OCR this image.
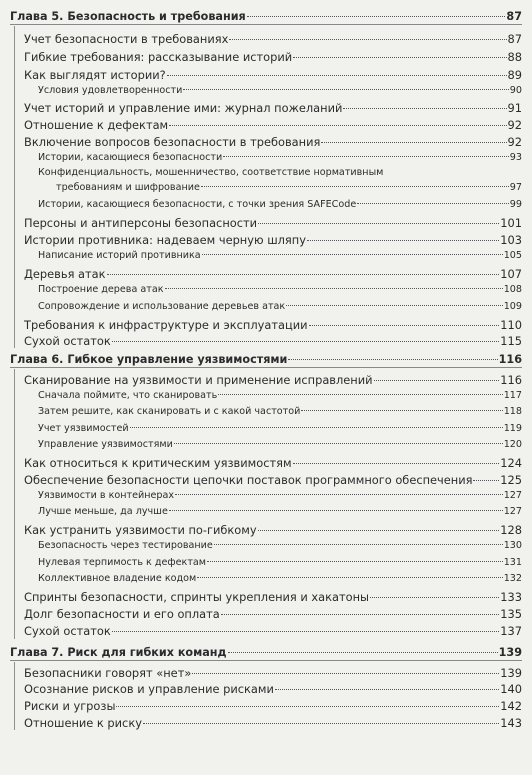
Глава 5. Безопасность и требования	87
Учет безопасности в требованиях	87
Гибкие требования: рассказывание историй	88
Как выглядят истории?	89
Условия удовлетворенности	90
Учет историй и управление ими: журнал пожеланий	91
Отношение к дефектам	92
Включение вопросов безопасности в требования	92
Истории, касающиеся безопасности	93
Конфиденциальность, мошенничество, соответствие нормативным
требованиям и шифрование	97
Истории, касающиеся безопасности, с точки зрения SAFECode	99
Персоны и антиперсоны безопасности	101
Истории противника: надеваем черную шляпу	103
Написание историй противника	105
Деревья атак	107
Построение дерева атак	108
Сопровождение и использование деревьев атак	109
Требования к инфраструктуре и эксплуатации	110
Сухой остаток	115
Глава 6. Гибкое управление уязвимостями	116
Сканирование на уязвимости и применение исправлений	116
Сначала поймите, что сканировать	117
Затем решите, как сканировать и с какой частотой	118
Учет уязвимостей	119
Управление уязвимостями	120
Как относиться к критическим уязвимостям	124
Обеспечение безопасности цепочки поставок программного обеспечения 125
Уязвимости в контейнерах	127
Лучше меньше, да лучше	127
Как устранить уязвимости по-гибкому	128
Безопасность через тестирование	130
Нулевая терпимость к дефектам	131
Коллективное владение кодом	132
Спринты безопасности, спринты укрепления и хакатоны	133
Долг безопасности и его оплата	135
Сухой остаток	137
Глава 7. Риск для гибких команд	139
Безопасники говорят «нет»	139
Осознание рисков и управление рисками	140
Риски и угрозы	142
Отношение к риску	143
